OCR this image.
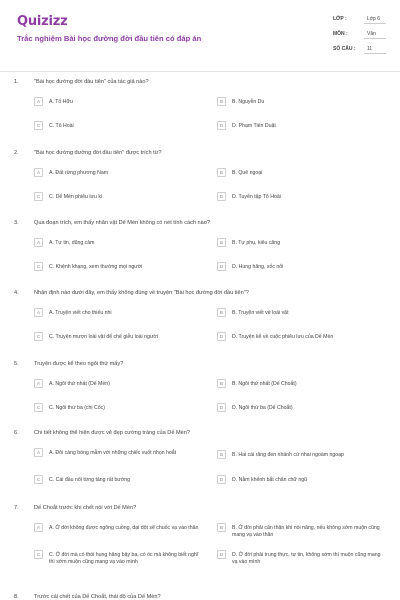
Quizizz
Trắc nghiệm Bài học đường đời đầu tiên có đáp án
LỚP :	Lớp 6
MÔN :	Văn
SỐ CÂU : 11
1.	"Bài học đường đời đầu tiên" của tác giả nào?
A	A. Tố Hữu	B	B. Nguyễn Du
C	C. Tô Hoài	D	D. Phạm Tiến Duật
2.	"Bài học đường đường đời đầu tiên" được trích từ?
A	A. Đất rừng phương Nam	B	B. Quê ngoại
C	C. Dế Mèn phiêu lưu kí	D	D. Tuyển tập Tô Hoài
3.	Qua đoạn trích, em thấy nhân vật Dế Mèn không có nét tính cách nào?
A	A. Tự tin, dũng cảm	B	B. Tự phụ, kiêu căng
C	C. Khệnh khạng, xem thường mọi người	D	D. Hung hăng, xốc nổi
4.	Nhận định nào dưới đây, em thấy không đúng về truyện "Bài học đường đời đầu tiên"?
A	A. Truyện viết cho thiếu nhi	B	B. Truyện viết về loài vật
C	C. Truyện mượn loài vật để chế giễu loài người	D	D. Truyện kể về cuộc phiêu lưu của Dế Mèn
5.	Truyện được kể theo ngôi thứ mấy?
A	A. Ngôi thứ nhất (Dế Mèn)	B	B. Ngôi thứ nhất (Dế Choắt)
C	C. Ngôi thứ ba (chị Cốc)	D	D. Ngôi thứ ba (Dế Choắt)
6.	Chi tiết không thể hiện được vẻ đẹp cường tráng của Dế Mèn?
A	A. Đôi càng bóng mẫm với những chiếc vuốt nhọn hoắt	B	B. Hai cái răng đen nhánh cứ nhai ngoàm ngoạp
C	C. Cái đầu nổi từng tảng rất bướng	D	D. Nằm khểnh bắt chân chữ ngũ
7.	Dế Choắt trước khi chết nói với Dế Mèn?
A	A. Ở đời không được ngông cuồng, dại dột sẽ chuốc vạ vào thân	B	B. Ở đời phải cẩn thận khi nói năng, nếu không sớm muộn cũng mang vạ vào thân
C	C. Ở đời mà có thói hung hăng bậy bạ, có óc mà không biết nghĩ thì sớm muộn cũng mang vạ vào mình
D	D. Ở đời phải trung thực, tự tin, không sớm thì muộn cũng mang vạ vào mình
8.	Trước cái chết của Dế Choắt, thái độ của Dế Mèn?
